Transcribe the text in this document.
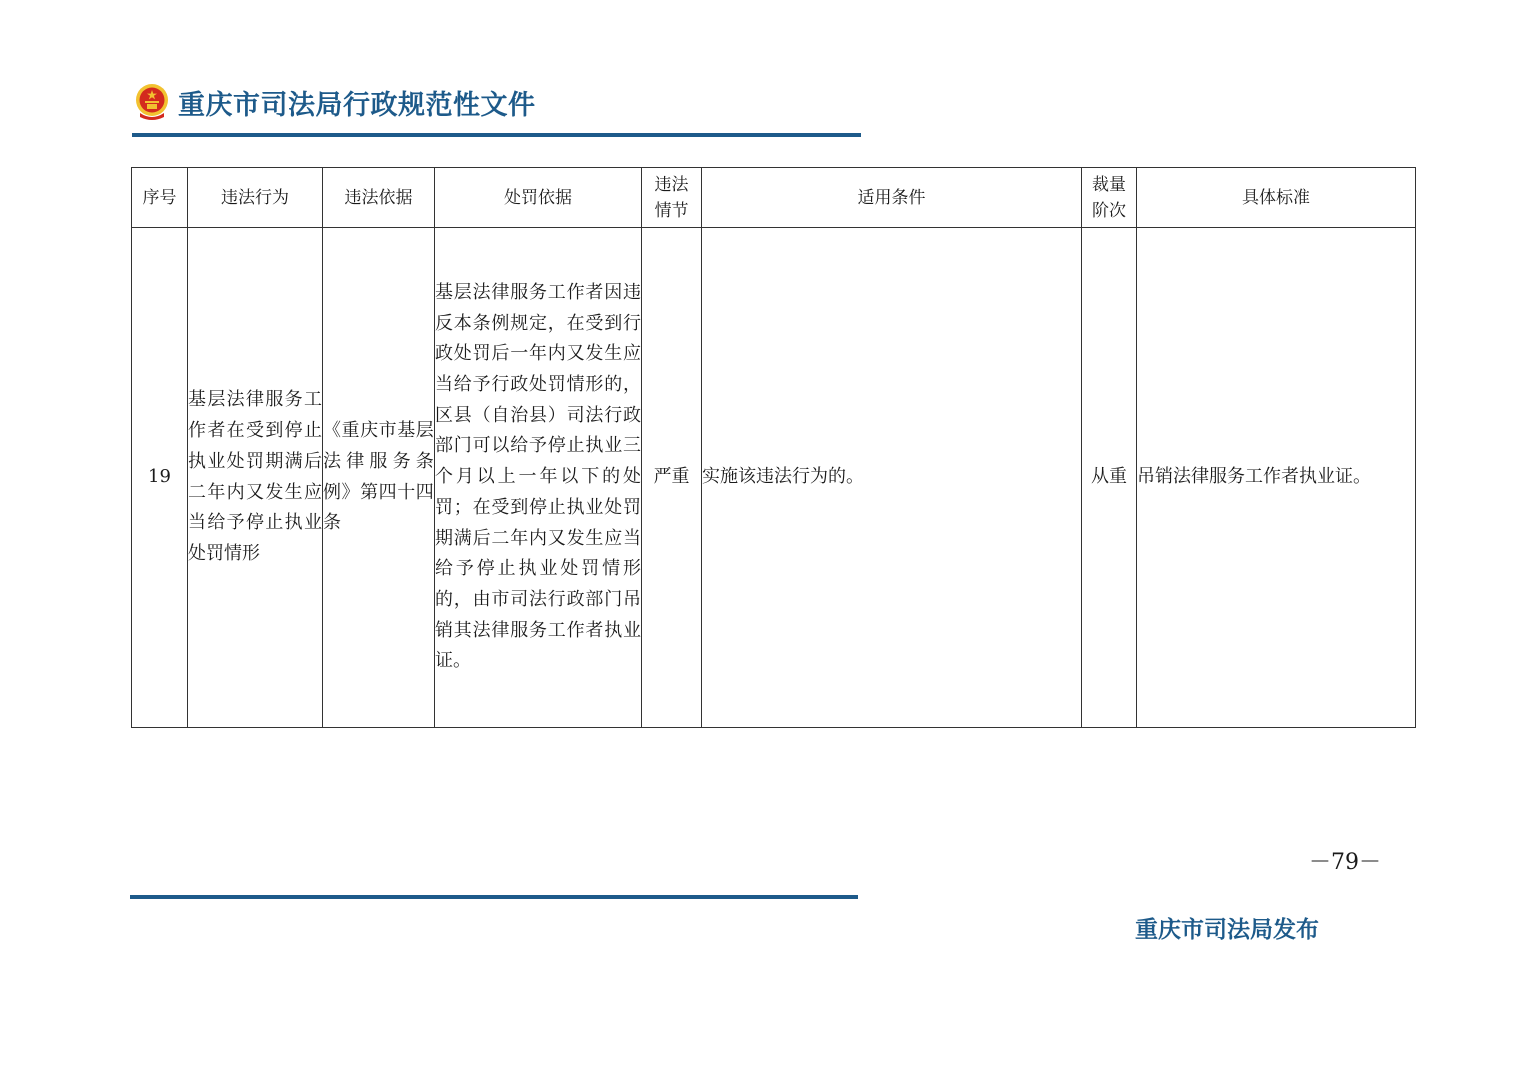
重庆市司法局行政规范性文件
序号	违法行为	违法依据	处罚依据	违法情节	适用条件	裁量阶次	具体标准
19	基层法律服务工作者在受到停止执业处罚期满后二年内又发生应当给予停止执业处罚情形	《重庆市基层法律服务条例》第四十四条	基层法律服务工作者因违反本条例规定，在受到行政处罚后一年内又发生应当给予行政处罚情形的，区县（自治县）司法行政部门可以给予停止执业三个月以上一年以下的处罚；在受到停止执业处罚期满后二年内又发生应当给予停止执业处罚情形的，由市司法行政部门吊销其法律服务工作者执业证。	严重	实施该违法行为的。	从重	吊销法律服务工作者执业证。
－79－
重庆市司法局发布
